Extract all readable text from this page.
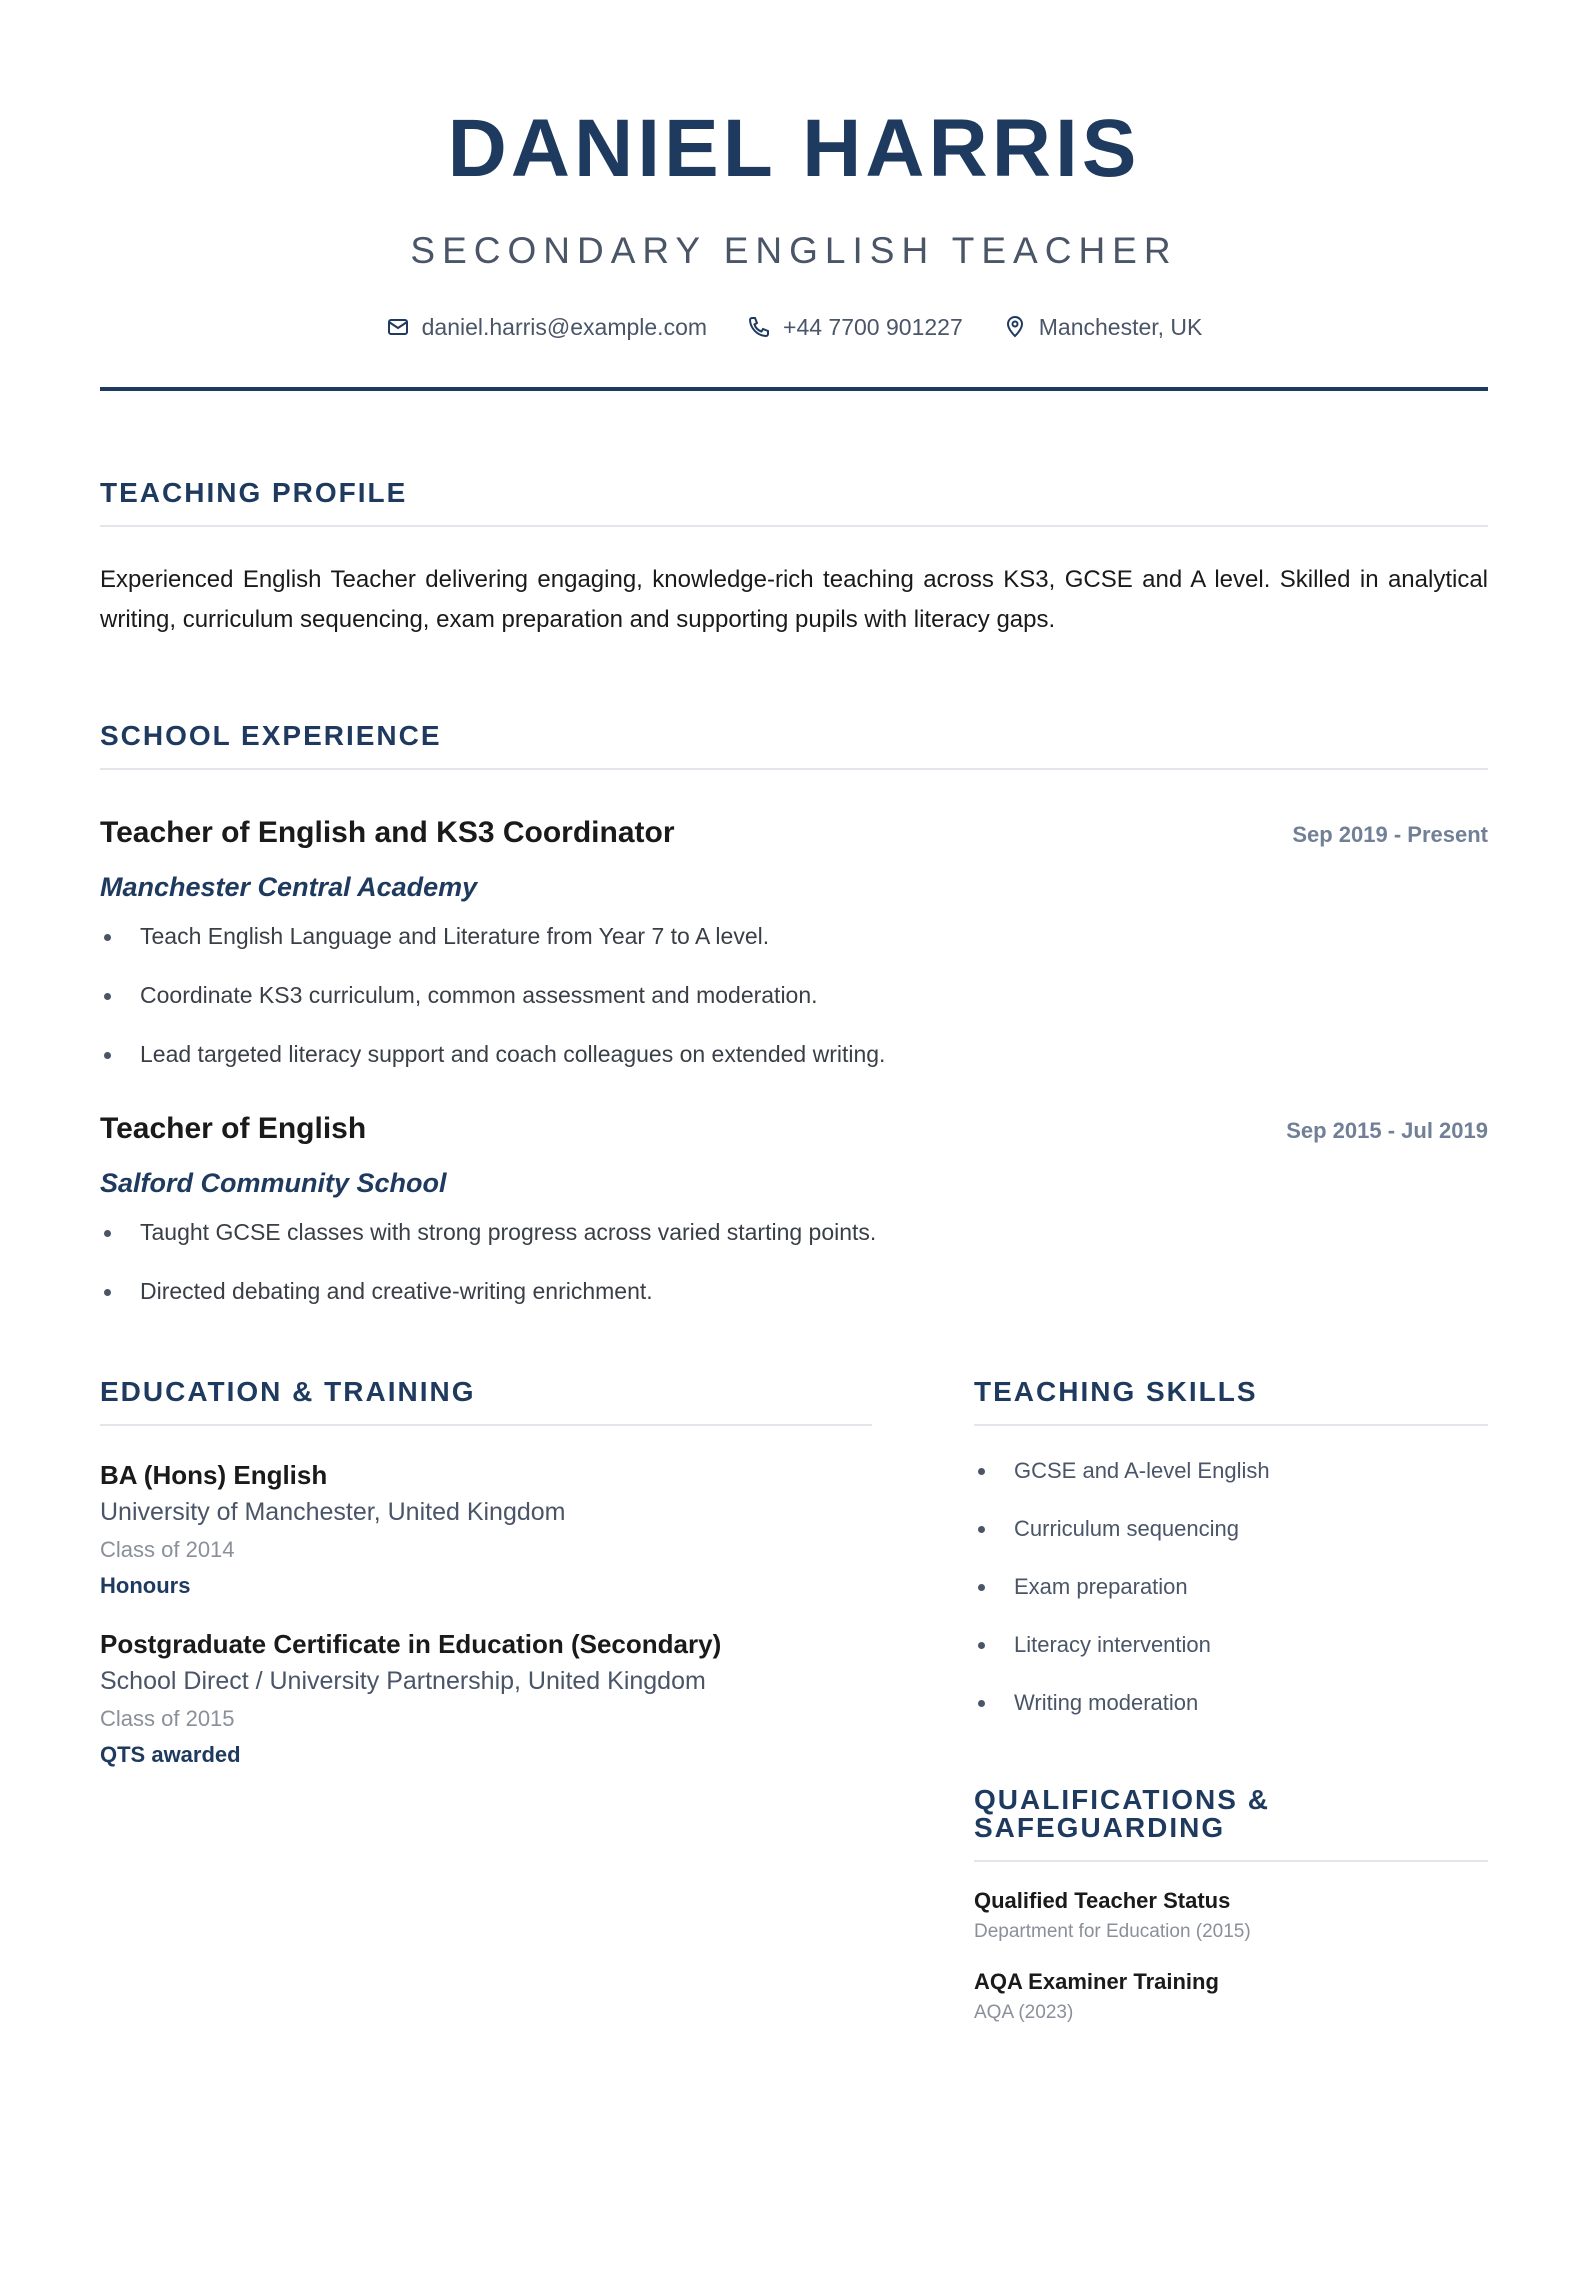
DANIEL HARRIS
SECONDARY ENGLISH TEACHER
daniel.harris@example.com	+44 7700 901227	Manchester, UK
TEACHING PROFILE

Experienced English Teacher delivering engaging, knowledge-rich teaching across KS3, GCSE and A level. Skilled in analytical writing, curriculum sequencing, exam preparation and supporting pupils with literacy gaps.

SCHOOL EXPERIENCE
Teacher of English and KS3 Coordinator	Sep 2019 - Present
Manchester Central Academy
Teach English Language and Literature from Year 7 to A level.
Coordinate KS3 curriculum, common assessment and moderation.
Lead targeted literacy support and coach colleagues on extended writing.
Teacher of English	Sep 2015 - Jul 2019
Salford Community School
Taught GCSE classes with strong progress across varied starting points.
Directed debating and creative-writing enrichment.
EDUCATION & TRAINING
BA (Hons) English
University of Manchester, United Kingdom
Class of 2014
Honours
Postgraduate Certificate in Education (Secondary)
School Direct / University Partnership, United Kingdom
Class of 2015
QTS awarded
TEACHING SKILLS
GCSE and A-level English
Curriculum sequencing
Exam preparation
Literacy intervention
Writing moderation
QUALIFICATIONS & SAFEGUARDING
Qualified Teacher Status
Department for Education (2015)
AQA Examiner Training
AQA (2023)
